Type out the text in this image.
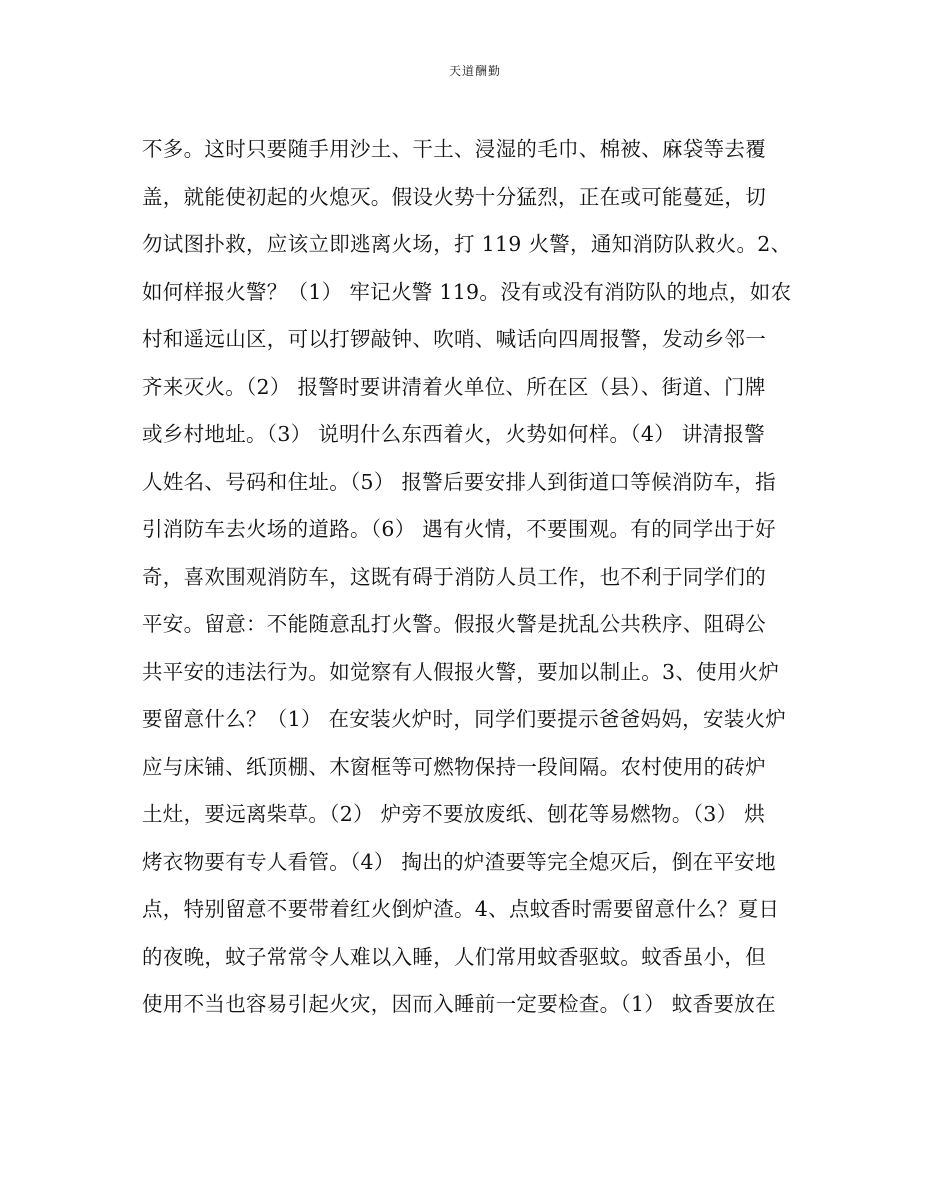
天道酬勤
不多。这时只要随手用沙土、干土、浸湿的毛巾、棉被、麻袋等去覆
盖，就能使初起的火熄灭。假设火势十分猛烈，正在或可能蔓延，切
勿试图扑救，应该立即逃离火场，打 119 火警，通知消防队救火。2、
如何样报火警？（1） 牢记火警 119。没有或没有消防队的地点，如农
村和遥远山区，可以打锣敲钟、吹哨、喊话向四周报警，发动乡邻一
齐来灭火。（2） 报警时要讲清着火单位、所在区（县）、街道、门牌
或乡村地址。（3） 说明什么东西着火，火势如何样。（4） 讲清报警
人姓名、号码和住址。（5） 报警后要安排人到街道口等候消防车，指
引消防车去火场的道路。（6） 遇有火情，不要围观。有的同学出于好
奇，喜欢围观消防车，这既有碍于消防人员工作，也不利于同学们的
平安。留意：不能随意乱打火警。假报火警是扰乱公共秩序、阻碍公
共平安的违法行为。如觉察有人假报火警，要加以制止。3、使用火炉
要留意什么？（1） 在安装火炉时，同学们要提示爸爸妈妈，安装火炉
应与床铺、纸顶棚、木窗框等可燃物保持一段间隔。农村使用的砖炉
土灶，要远离柴草。（2） 炉旁不要放废纸、刨花等易燃物。（3） 烘
烤衣物要有专人看管。（4） 掏出的炉渣要等完全熄灭后，倒在平安地
点，特别留意不要带着红火倒炉渣。4、点蚊香时需要留意什么？夏日
的夜晚，蚊子常常令人难以入睡，人们常用蚊香驱蚊。蚊香虽小，但
使用不当也容易引起火灾，因而入睡前一定要检查。（1） 蚊香要放在
